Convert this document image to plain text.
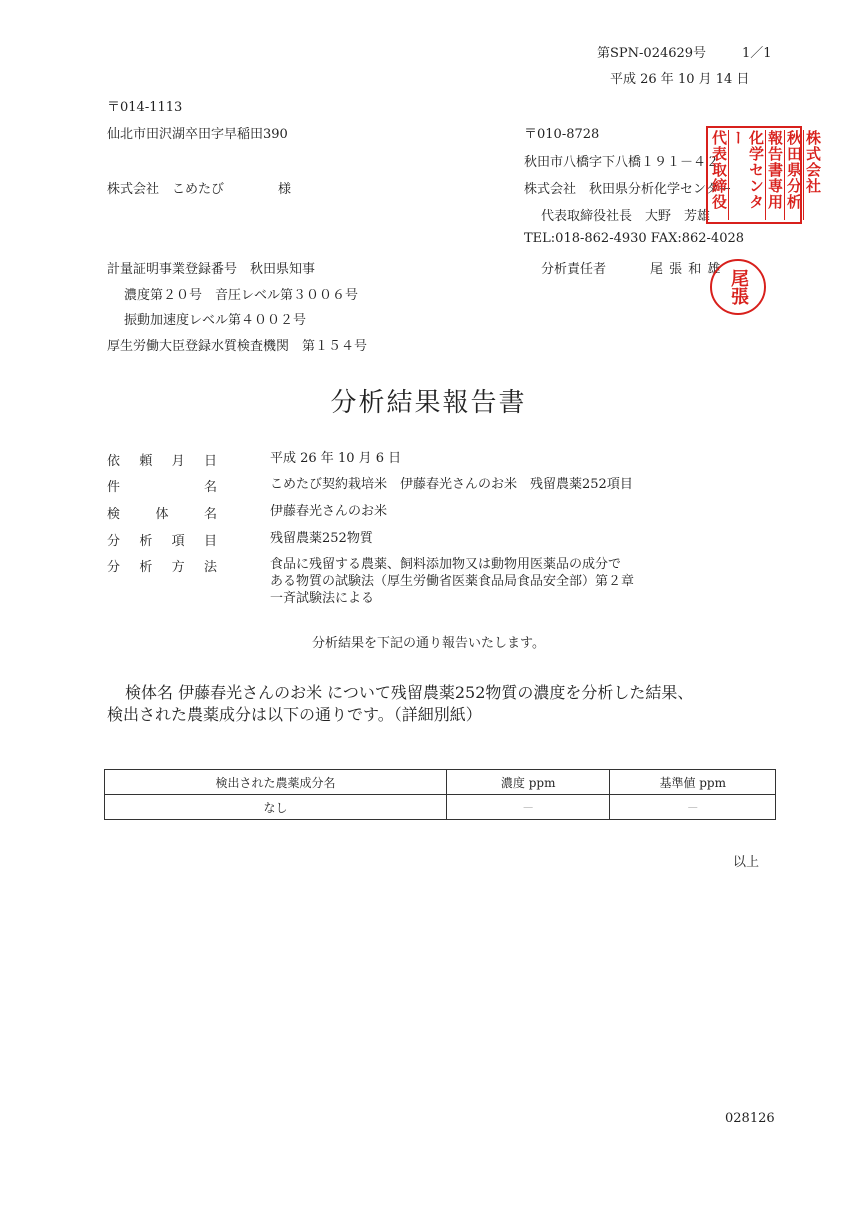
第SPN-024629号	1／1
平成 26 年 10 月 14 日
〒014-1113
仙北市田沢湖卒田字早稲田390
株式会社　こめたび	様
〒010-8728
秋田市八橋字下八橋１９１－４２
株式会社　秋田県分析化学センター
代表取締役社長　大野　芳雄
TEL:018-862-4930 FAX:862-4028
分析責任者	尾 張 和 雄
株式会社
秋田県分析
報告書専用
化学センター
代表取締役
尾張
計量証明事業登録番号　秋田県知事
濃度第２０号　音圧レベル第３００６号
振動加速度レベル第４００２号
厚生労働大臣登録水質検査機関　第１５４号
分析結果報告書
依 頼 月 日	平成 26 年 10 月 6 日
件	名	こめたび契約栽培米　伊藤春光さんのお米　残留農薬252項目
検	体	名	伊藤春光さんのお米
分 析 項 目	残留農薬252物質
分 析 方 法	食品に残留する農薬、飼料添加物又は動物用医薬品の成分で
ある物質の試験法（厚生労働省医薬食品局食品安全部）第２章
一斉試験法による
分析結果を下記の通り報告いたします。
検体名 伊藤春光さんのお米 について残留農薬252物質の濃度を分析した結果、
検出された農薬成分は以下の通りです。（詳細別紙）
検出された農薬成分名	濃度 ppm	基準値 ppm
なし	－	－
以上
028126
